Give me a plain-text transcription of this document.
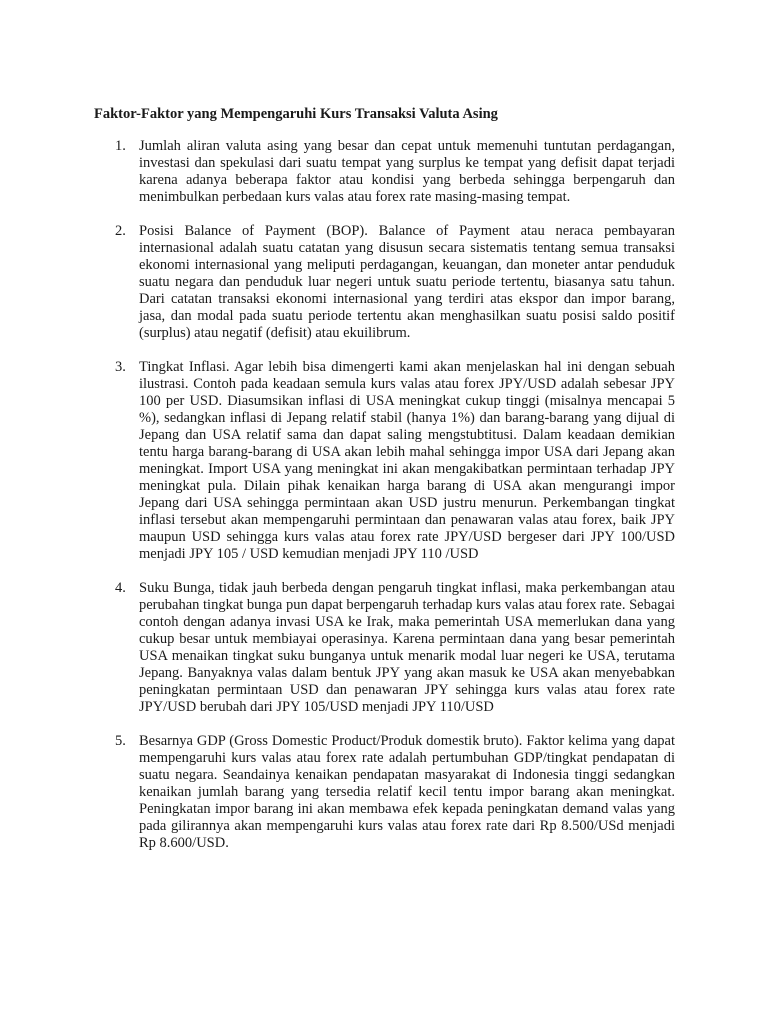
Faktor-Faktor yang Mempengaruhi Kurs Transaksi Valuta Asing
1. Jumlah aliran valuta asing yang besar dan cepat untuk memenuhi tuntutan perdagangan, investasi dan spekulasi dari suatu tempat yang surplus ke tempat yang defisit dapat terjadi karena adanya beberapa faktor atau kondisi yang berbeda sehingga berpengaruh dan menimbulkan perbedaan kurs valas atau forex rate masing-masing tempat.

2. Posisi Balance of Payment (BOP). Balance of Payment atau neraca pembayaran internasional adalah suatu catatan yang disusun secara sistematis tentang semua transaksi ekonomi internasional yang meliputi perdagangan, keuangan, dan moneter antar penduduk suatu negara dan penduduk luar negeri untuk suatu periode tertentu, biasanya satu tahun. Dari catatan transaksi ekonomi internasional yang terdiri atas ekspor dan impor barang, jasa, dan modal pada suatu periode tertentu akan menghasilkan suatu posisi saldo positif (surplus) atau negatif (defisit) atau ekuilibrum.

3. Tingkat Inflasi. Agar lebih bisa dimengerti kami akan menjelaskan hal ini dengan sebuah ilustrasi. Contoh pada keadaan semula kurs valas atau forex JPY/USD adalah sebesar JPY 100 per USD. Diasumsikan inflasi di USA meningkat cukup tinggi (misalnya mencapai 5 %), sedangkan inflasi di Jepang relatif stabil (hanya 1%) dan barang-barang yang dijual di Jepang dan USA relatif sama dan dapat saling mengstubtitusi. Dalam keadaan demikian tentu harga barang-barang di USA akan lebih mahal sehingga impor USA dari Jepang akan meningkat. Import USA yang meningkat ini akan mengakibatkan permintaan terhadap JPY meningkat pula. Dilain pihak kenaikan harga barang di USA akan mengurangi impor Jepang dari USA sehingga permintaan akan USD justru menurun. Perkembangan tingkat inflasi tersebut akan mempengaruhi permintaan dan penawaran valas atau forex, baik JPY maupun USD sehingga kurs valas atau forex rate JPY/USD bergeser dari JPY 100/USD menjadi JPY 105 / USD kemudian menjadi JPY 110 /USD

4. Suku Bunga, tidak jauh berbeda dengan pengaruh tingkat inflasi, maka perkembangan atau perubahan tingkat bunga pun dapat berpengaruh terhadap kurs valas atau forex rate. Sebagai contoh dengan adanya invasi USA ke Irak, maka pemerintah USA memerlukan dana yang cukup besar untuk membiayai operasinya. Karena permintaan dana yang besar pemerintah USA menaikan tingkat suku bunganya untuk menarik modal luar negeri ke USA, terutama Jepang. Banyaknya valas dalam bentuk JPY yang akan masuk ke USA akan menyebabkan peningkatan permintaan USD dan penawaran JPY sehingga kurs valas atau forex rate JPY/USD berubah dari JPY 105/USD menjadi JPY 110/USD

5. Besarnya GDP (Gross Domestic Product/Produk domestik bruto). Faktor kelima yang dapat mempengaruhi kurs valas atau forex rate adalah pertumbuhan GDP/tingkat pendapatan di suatu negara. Seandainya kenaikan pendapatan masyarakat di Indonesia tinggi sedangkan kenaikan jumlah barang yang tersedia relatif kecil tentu impor barang akan meningkat. Peningkatan impor barang ini akan membawa efek kepada peningkatan demand valas yang pada gilirannya akan mempengaruhi kurs valas atau forex rate dari Rp 8.500/USd menjadi Rp 8.600/USD.
